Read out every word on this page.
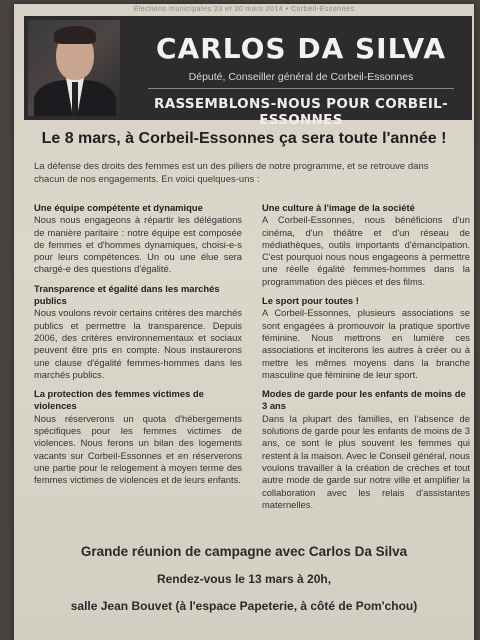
Élections municipales 23 et 30 mars 2014 • Corbeil-Essonnes
CARLOS DA SILVA
Député, Conseiller général de Corbeil-Essonnes
RASSEMBLONS-NOUS POUR CORBEIL-ESSONNES
Le 8 mars, à Corbeil-Essonnes ça sera toute l'année !
La défense des droits des femmes est un des piliers de notre programme, et se retrouve dans chacun de nos engagements. En voici quelques-uns :
Une équipe compétente et dynamique
Nous nous engageons à répartir les délégations de manière paritaire : notre équipe est composée de femmes et d'hommes dynamiques, choisi-e-s pour leurs compétences. Un ou une élue sera chargé-e des questions d'égalité.
Transparence et égalité dans les marchés publics
Nous voulons revoir certains critères des marchés publics et permettre la transparence. Depuis 2006, des critères environnementaux et sociaux peuvent être pris en compte. Nous instaurerons une clause d'égalité femmes-hommes dans les marchés publics.
La protection des femmes victimes de violences
Nous réserverons un quota d'hébergements spécifiques pour les femmes victimes de violences. Nous ferons un bilan des logements vacants sur Corbeil-Essonnes et en réserverons une partie pour le relogement à moyen terme des femmes victimes de violences et de leurs enfants.
Une culture à l'image de la société
A Corbeil-Essonnes, nous bénéficions d'un cinéma, d'un théâtre et d'un réseau de médiathèques, outils importants d'émancipation. C'est pourquoi nous nous engageons à permettre une réelle égalité femmes-hommes dans la programmation des pièces et des films.
Le sport pour toutes !
A Corbeil-Essonnes, plusieurs associations se sont engagées à promouvoir la pratique sportive féminine. Nous mettrons en lumière ces associations et inciterons les autres à créer ou à mettre les mêmes moyens dans la branche masculine que féminine de leur sport.
Modes de garde pour les enfants de moins de 3 ans
Dans la plupart des familles, en l'absence de solutions de garde pour les enfants de moins de 3 ans, ce sont le plus souvent les femmes qui restent à la maison. Avec le Conseil général, nous voulons travailler à la création de crèches et tout autre mode de garde sur notre ville et amplifier la collaboration avec les relais d'assistantes maternelles.
Grande réunion de campagne avec Carlos Da Silva
Rendez-vous le 13 mars à 20h,
salle Jean Bouvet (à l'espace Papeterie, à côté de Pom'chou)
